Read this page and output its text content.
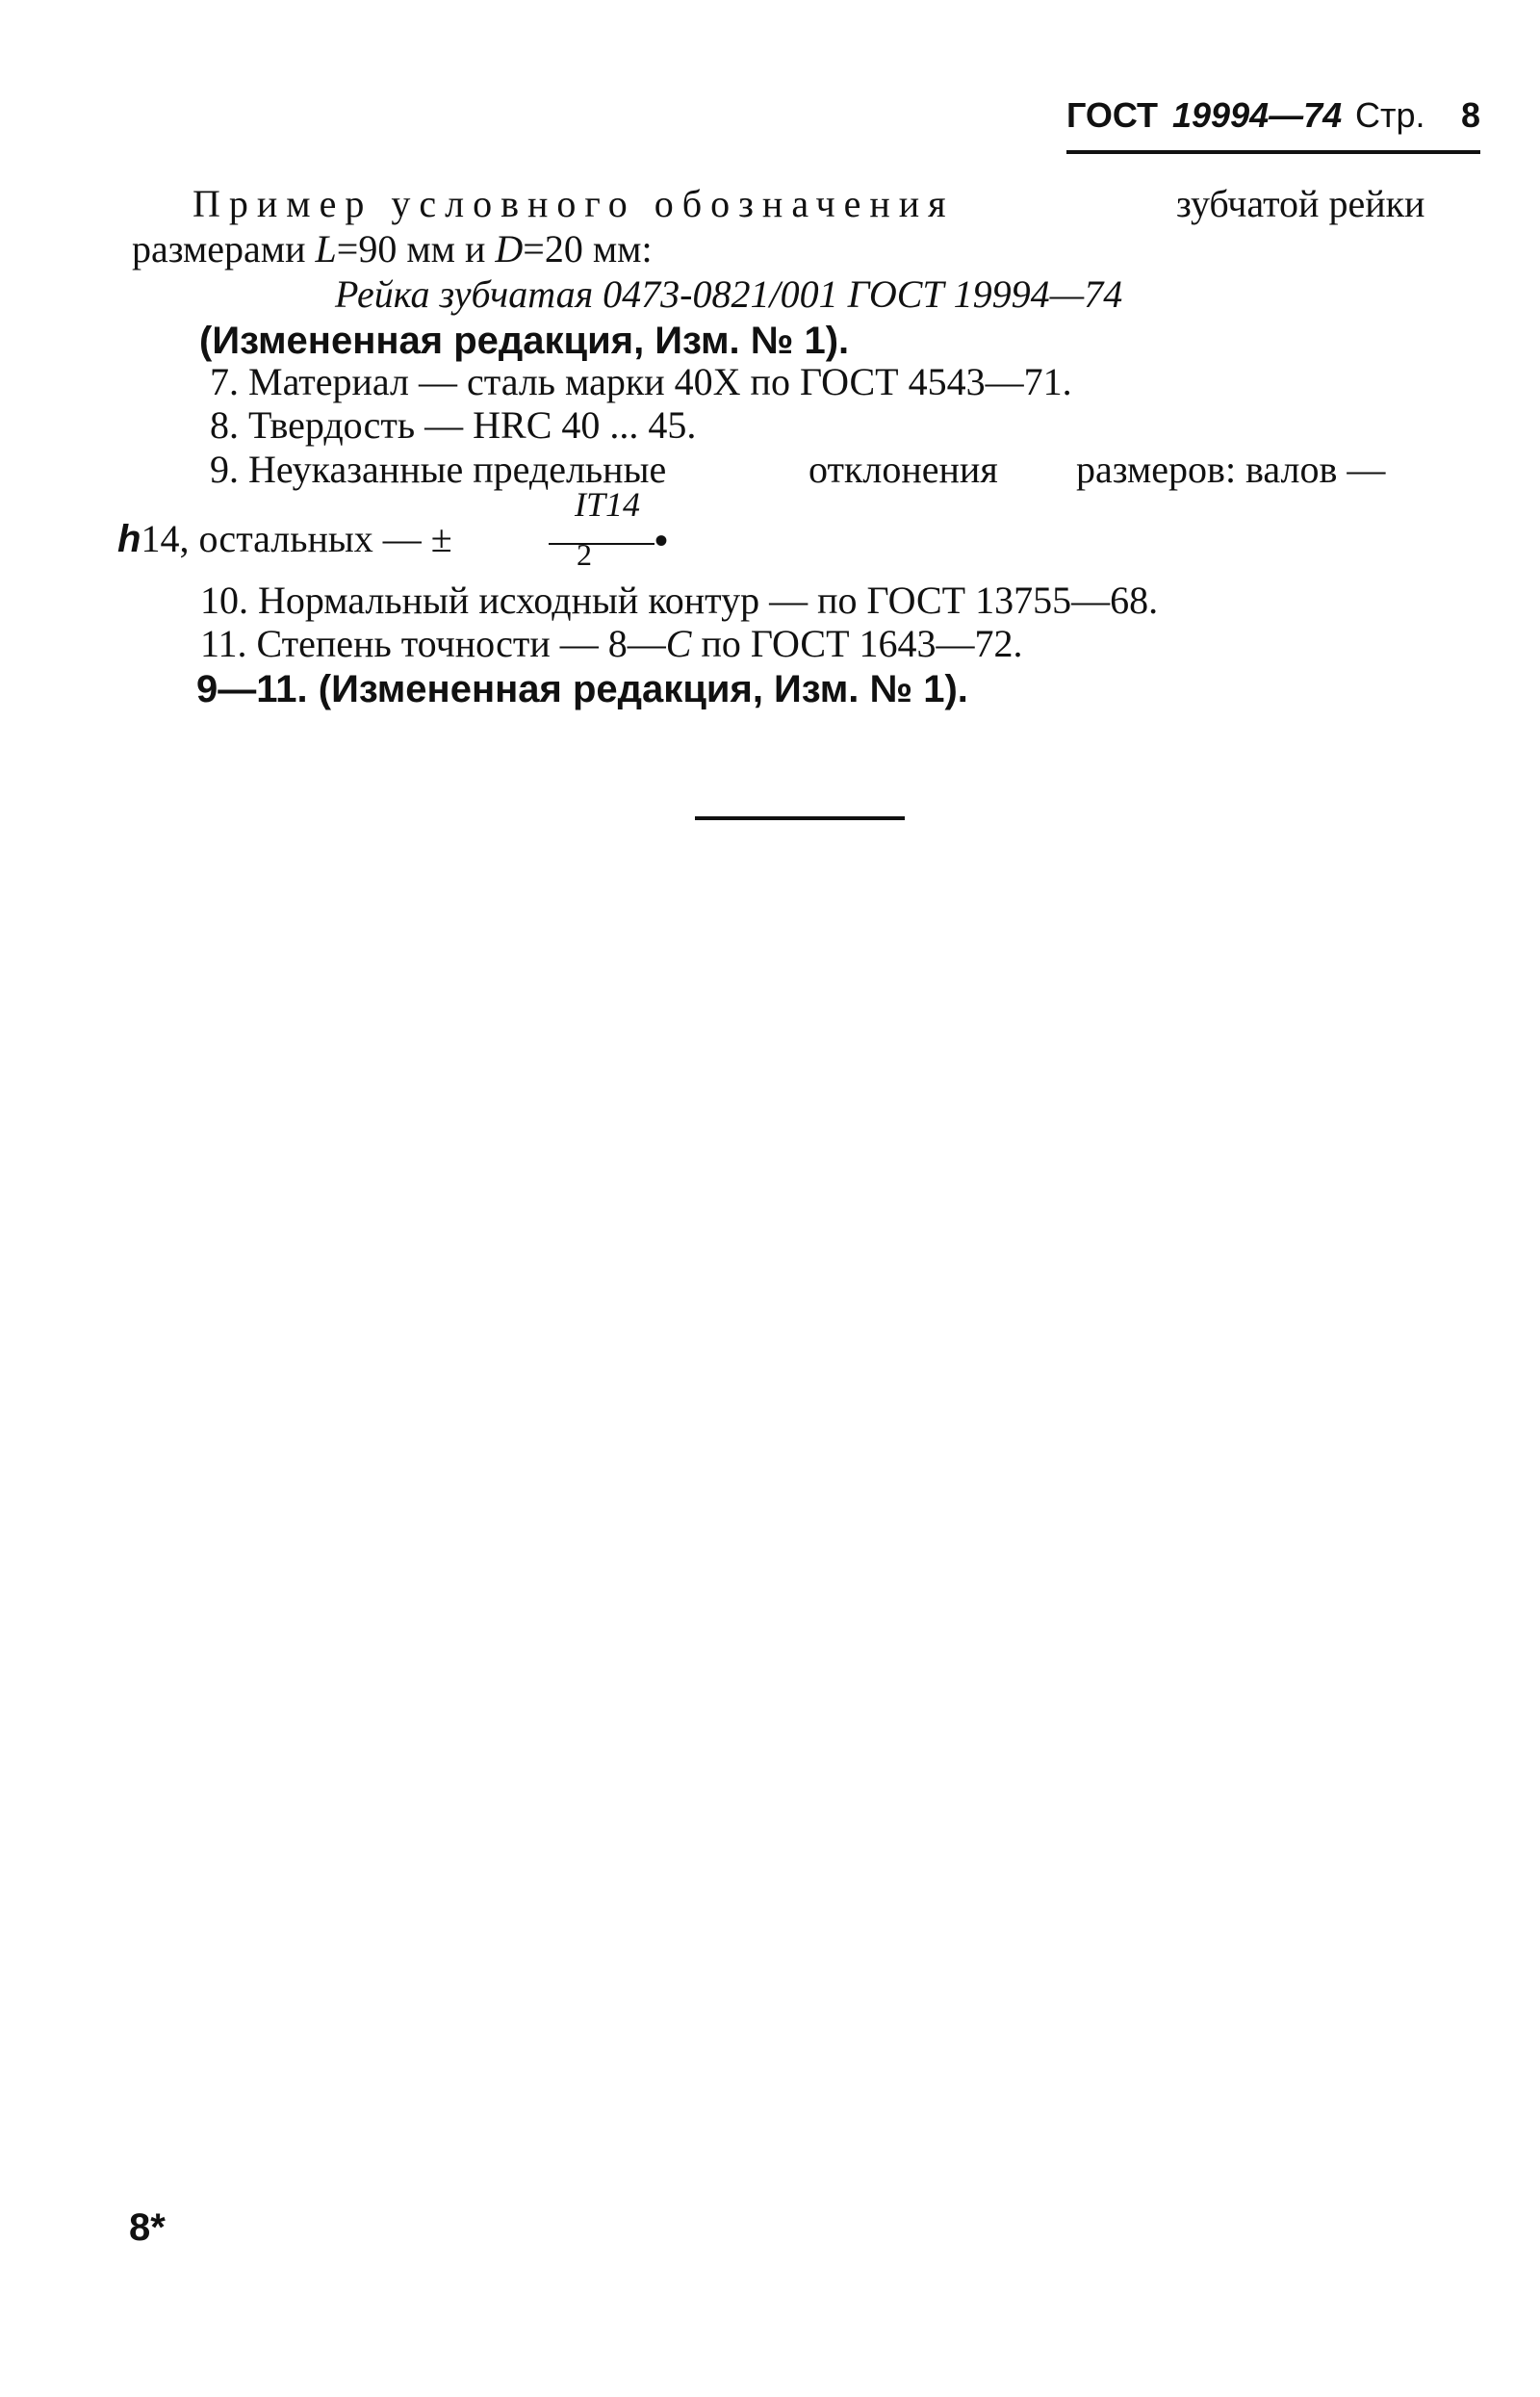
ГОСТ 19994—74 Стр. 8
Пример условного обозначения	зубчатой рейки
размерами L=90 мм и D=20 мм:
Рейка зубчатая 0473-0821/001 ГОСТ 19994—74
(Измененная редакция, Изм. № 1).
7. Материал — сталь марки 40Х по ГОСТ 4543—71.
8. Твердость — HRC 40 ... 45.
9. Неуказанные предельные	отклонения размеров: валов —
IT14
h14, остальных — ±	2 •
10. Нормальный исходный контур — по ГОСТ 13755—68.
11. Степень точности — 8—C по ГОСТ 1643—72.
9—11. (Измененная редакция, Изм. № 1).
8*
